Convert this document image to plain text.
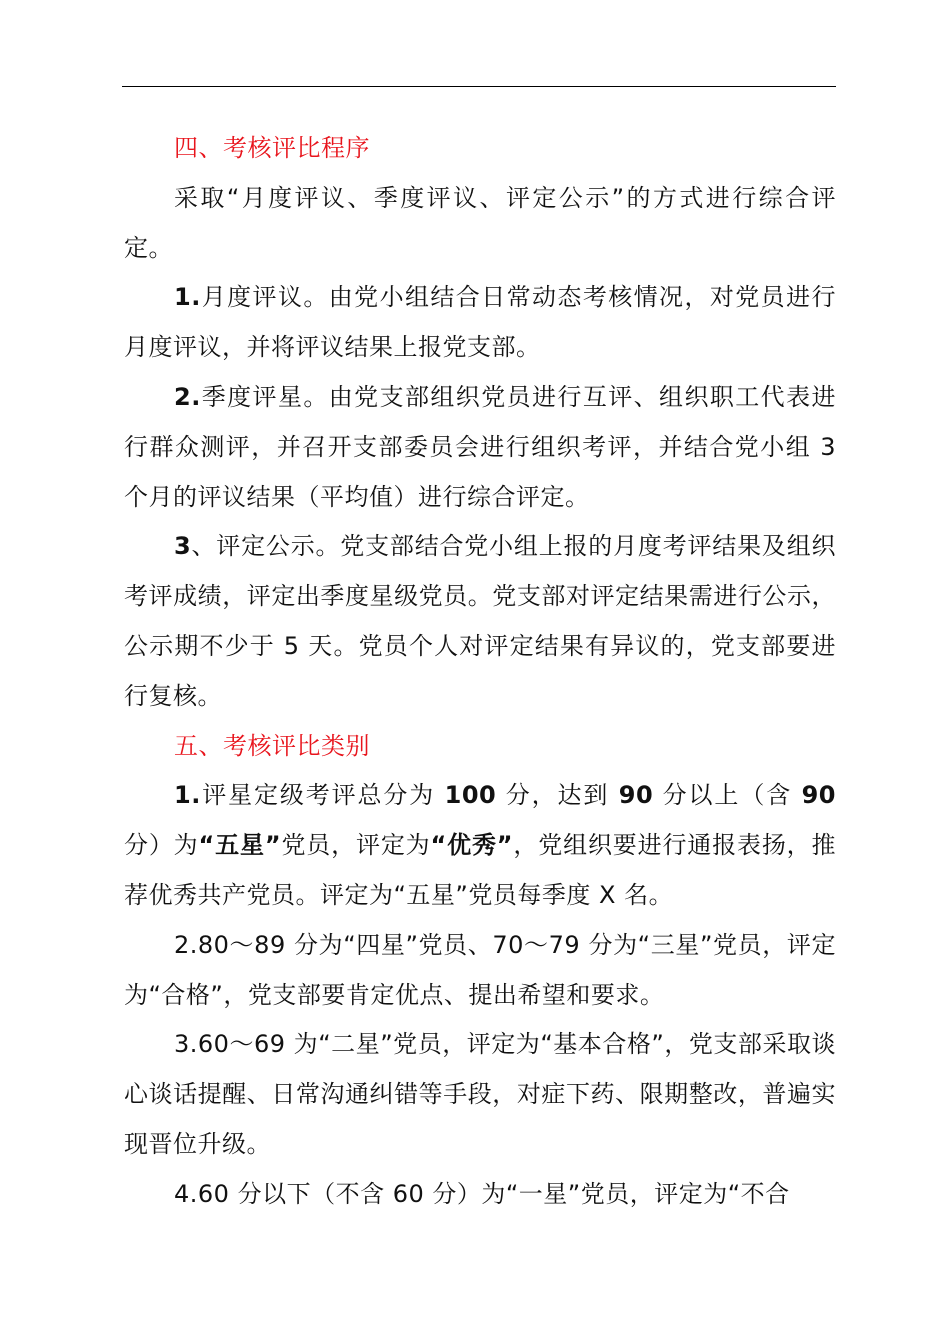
四、考核评比程序

采取“月度评议、季度评议、评定公示”的方式进行综合评定。

1.月度评议。由党小组结合日常动态考核情况，对党员进行月度评议，并将评议结果上报党支部。

2.季度评星。由党支部组织党员进行互评、组织职工代表进行群众测评，并召开支部委员会进行组织考评，并结合党小组 3 个月的评议结果（平均值）进行综合评定。

3、评定公示。党支部结合党小组上报的月度考评结果及组织考评成绩，评定出季度星级党员。党支部对评定结果需进行公示，公示期不少于 5 天。党员个人对评定结果有异议的，党支部要进行复核。

五、考核评比类别

1.评星定级考评总分为 100 分，达到 90 分以上（含 90 分）为“五星”党员，评定为“优秀”，党组织要进行通报表扬，推荐优秀共产党员。评定为“五星”党员每季度 X 名。

2.80～89 分为“四星”党员、70～79 分为“三星”党员，评定为“合格”，党支部要肯定优点、提出希望和要求。

3.60～69 为“二星”党员，评定为“基本合格”，党支部采取谈心谈话提醒、日常沟通纠错等手段，对症下药、限期整改，普遍实现晋位升级。

4.60 分以下（不含 60 分）为“一星”党员，评定为“不合
